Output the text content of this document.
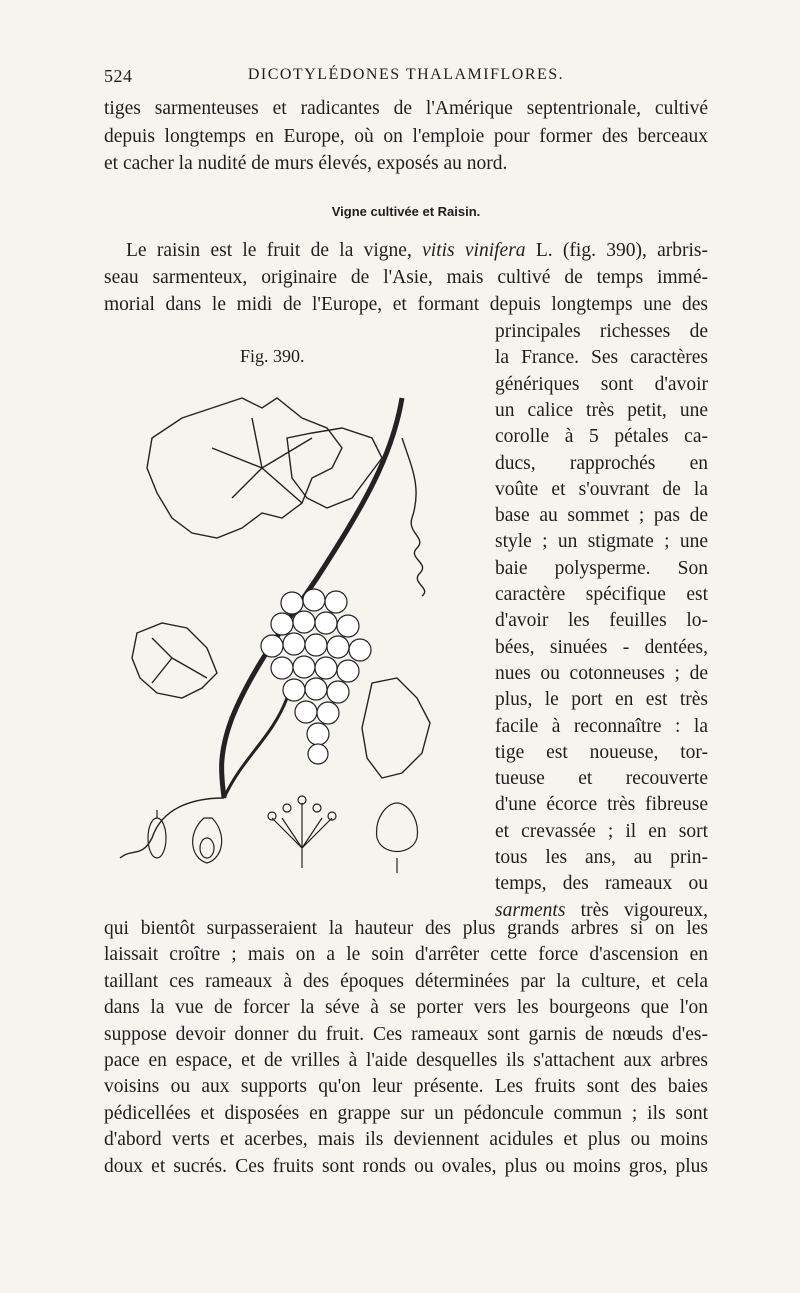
524	DICOTYLÉDONES THALAMIFLORES.
tiges sarmenteuses et radicantes de l'Amérique septentrionale, cultivé
depuis longtemps en Europe, où on l'emploie pour former des berceaux
et cacher la nudité de murs élevés, exposés au nord.
Vigne cultivée et Raisin.
Le raisin est le fruit de la vigne, vitis vinifera L. (fig. 390), arbris-
seau sarmenteux, originaire de l'Asie, mais cultivé de temps immé-
morial dans le midi de l'Europe, et formant depuis longtemps une des
Fig. 390.
principales richesses de
la France. Ses caractères
génériques sont d'avoir
un calice très petit, une
corolle à 5 pétales ca-
ducs, rapprochés en
voûte et s'ouvrant de la
base au sommet ; pas de
style ; un stigmate ; une
baie polysperme. Son
caractère spécifique est
d'avoir les feuilles lo-
bées, sinuées - dentées,
nues ou cotonneuses ; de
plus, le port en est très
facile à reconnaître : la
tige est noueuse, tor-
tueuse et recouverte
d'une écorce très fibreuse
et crevassée ; il en sort
tous les ans, au prin-
temps, des rameaux ou
sarments très vigoureux,
qui bientôt surpasseraient la hauteur des plus grands arbres si on les
laissait croître ; mais on a le soin d'arrêter cette force d'ascension en
taillant ces rameaux à des époques déterminées par la culture, et cela
dans la vue de forcer la séve à se porter vers les bourgeons que l'on
suppose devoir donner du fruit. Ces rameaux sont garnis de nœuds d'es-
pace en espace, et de vrilles à l'aide desquelles ils s'attachent aux arbres
voisins ou aux supports qu'on leur présente. Les fruits sont des baies
pédicellées et disposées en grappe sur un pédoncule commun ; ils sont
d'abord verts et acerbes, mais ils deviennent acidules et plus ou moins
doux et sucrés. Ces fruits sont ronds ou ovales, plus ou moins gros, plus
